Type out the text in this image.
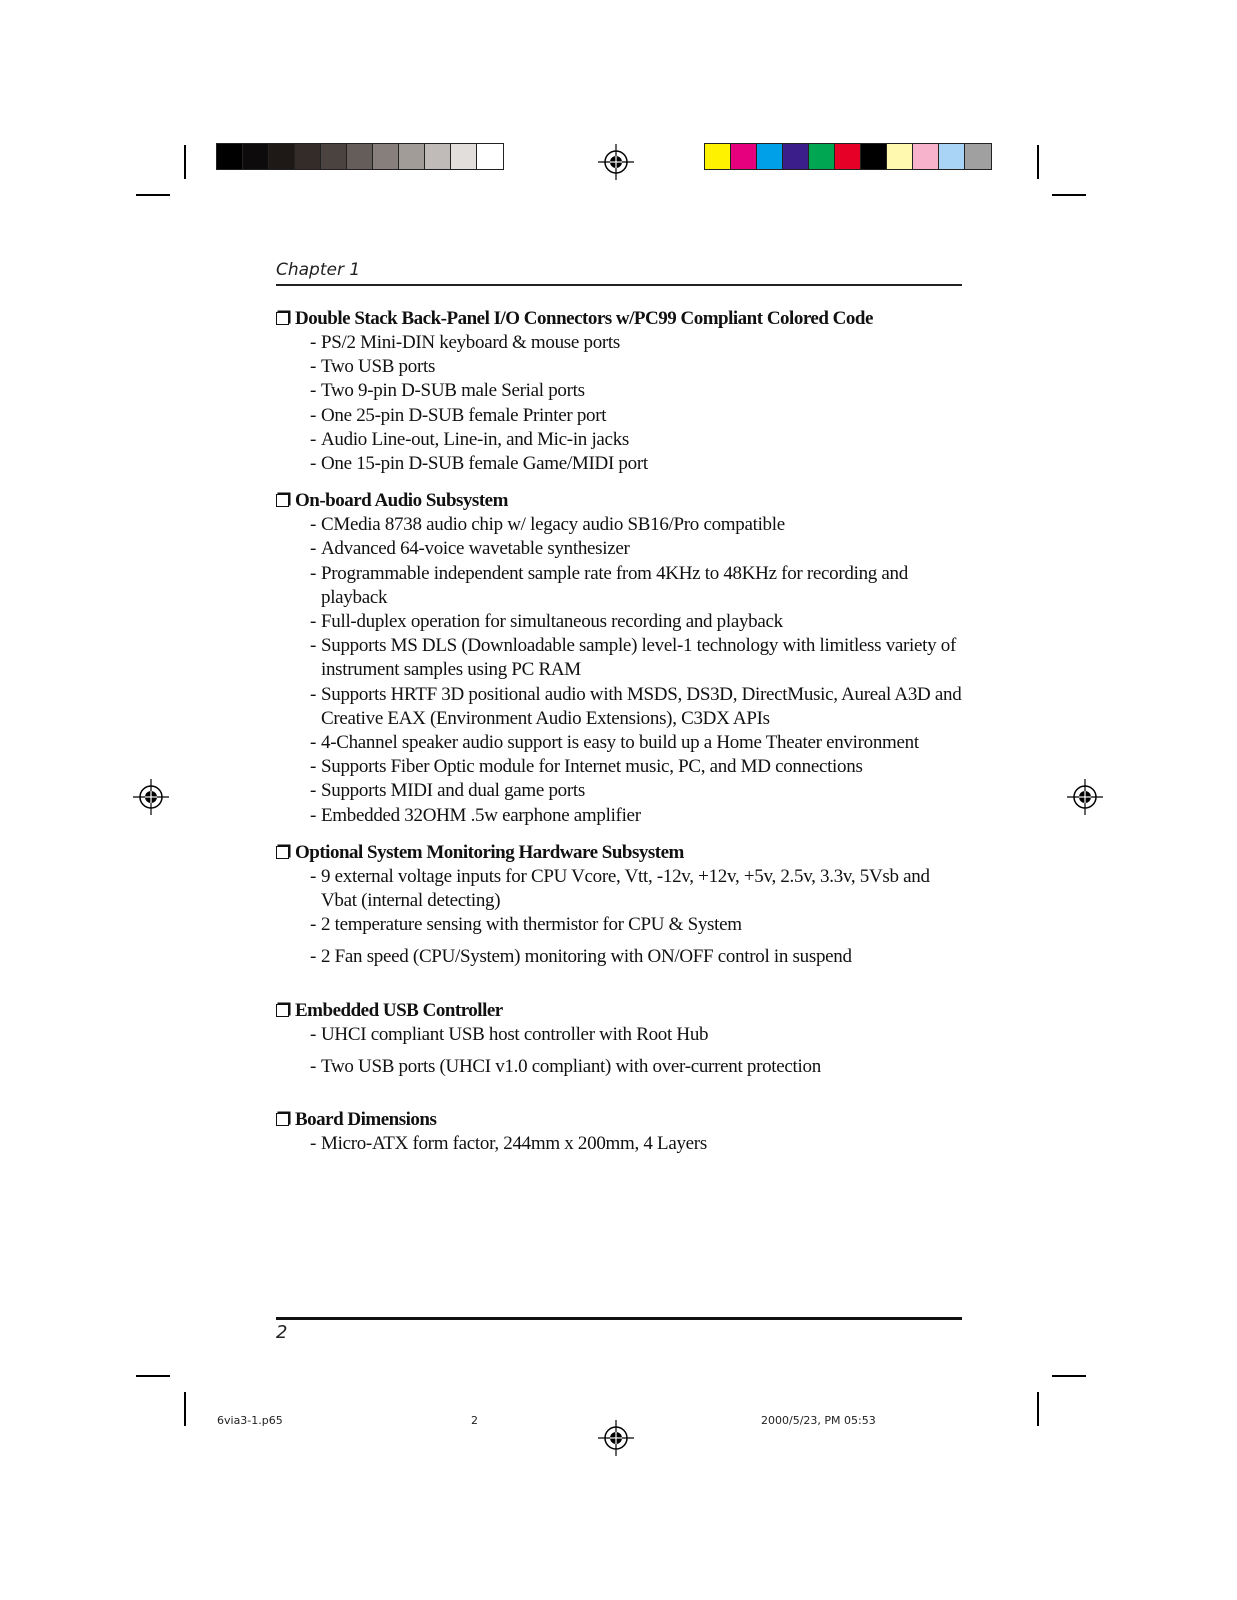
Chapter 1
Double Stack Back-Panel I/O Connectors w/PC99 Compliant Colored Code
- PS/2 Mini-DIN keyboard & mouse ports
- Two USB ports
- Two 9-pin D-SUB male Serial ports
- One 25-pin D-SUB female Printer port
- Audio Line-out, Line-in, and Mic-in jacks
- One 15-pin D-SUB female Game/MIDI port
On-board Audio Subsystem
- CMedia 8738 audio chip w/ legacy audio SB16/Pro compatible
- Advanced 64-voice wavetable synthesizer
- Programmable independent sample rate from 4KHz to 48KHz for recording and playback
- Full-duplex operation for simultaneous recording and playback
- Supports MS DLS (Downloadable sample) level-1 technology with limitless variety of instrument samples using PC RAM
- Supports HRTF 3D positional audio with MSDS, DS3D, DirectMusic, Aureal A3D and Creative EAX (Environment Audio Extensions), C3DX APIs
- 4-Channel speaker audio support is easy to build up a Home Theater environment
- Supports Fiber Optic module for Internet music, PC, and MD connections
- Supports MIDI and dual game ports
- Embedded 32OHM .5w earphone amplifier
Optional System Monitoring Hardware Subsystem
- 9 external voltage inputs for CPU Vcore, Vtt, -12v, +12v, +5v, 2.5v, 3.3v, 5Vsb and Vbat (internal detecting)
- 2 temperature sensing with thermistor for CPU & System
- 2 Fan speed (CPU/System) monitoring with ON/OFF control in suspend
Embedded USB Controller
- UHCI compliant USB host controller with Root Hub
- Two USB ports (UHCI v1.0 compliant) with over-current protection
Board Dimensions
- Micro-ATX form factor, 244mm x 200mm, 4 Layers
2
6via3-1.p65	2	2000/5/23, PM 05:53
